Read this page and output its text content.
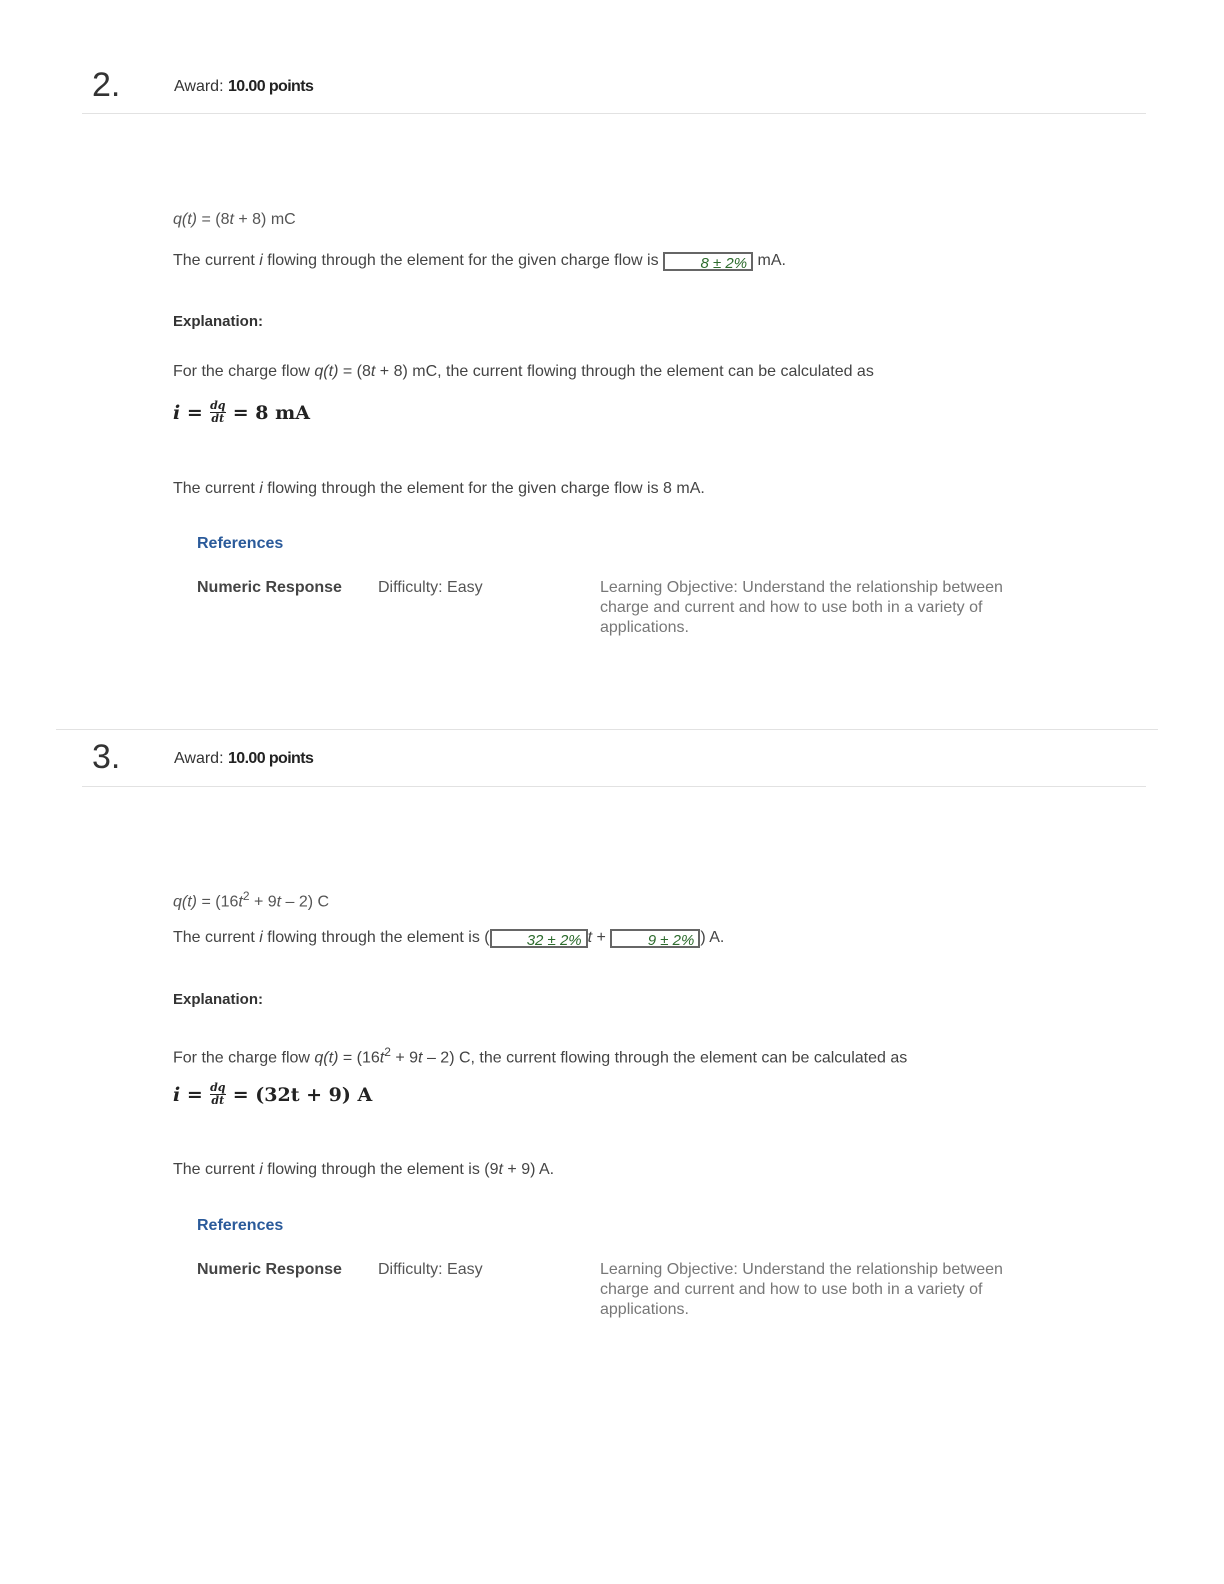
2.	Award: 10.00 points
q(t) = (8t + 8) mC
The current i flowing through the element for the given charge flow is	8 ± 2% mA.
Explanation:
For the charge flow q(t) = (8t + 8) mC, the current flowing through the element can be calculated as
$i = \frac{dq}{dt} = 8$ mA
The current i flowing through the element for the given charge flow is 8 mA.
References
Numeric Response Difficulty: Easy	Learning Objective: Understand the relationship between charge and current and how to use both in a variety of applications.
3.	Award: 10.00 points
$q(t) = (16t^2 + 9t - 2)$ C
The current i flowing through the element is ( 32 ± 2% t + 9 ± 2% ) A.
Explanation:
For the charge flow $q(t) = (16t^2 + 9t - 2)$ C, the current flowing through the element can be calculated as
$i = \frac{dq}{dt} = (32t + 9)$ A
The current i flowing through the element is (9t + 9) A.
References
Numeric Response Difficulty: Easy	Learning Objective: Understand the relationship between charge and current and how to use both in a variety of applications.
